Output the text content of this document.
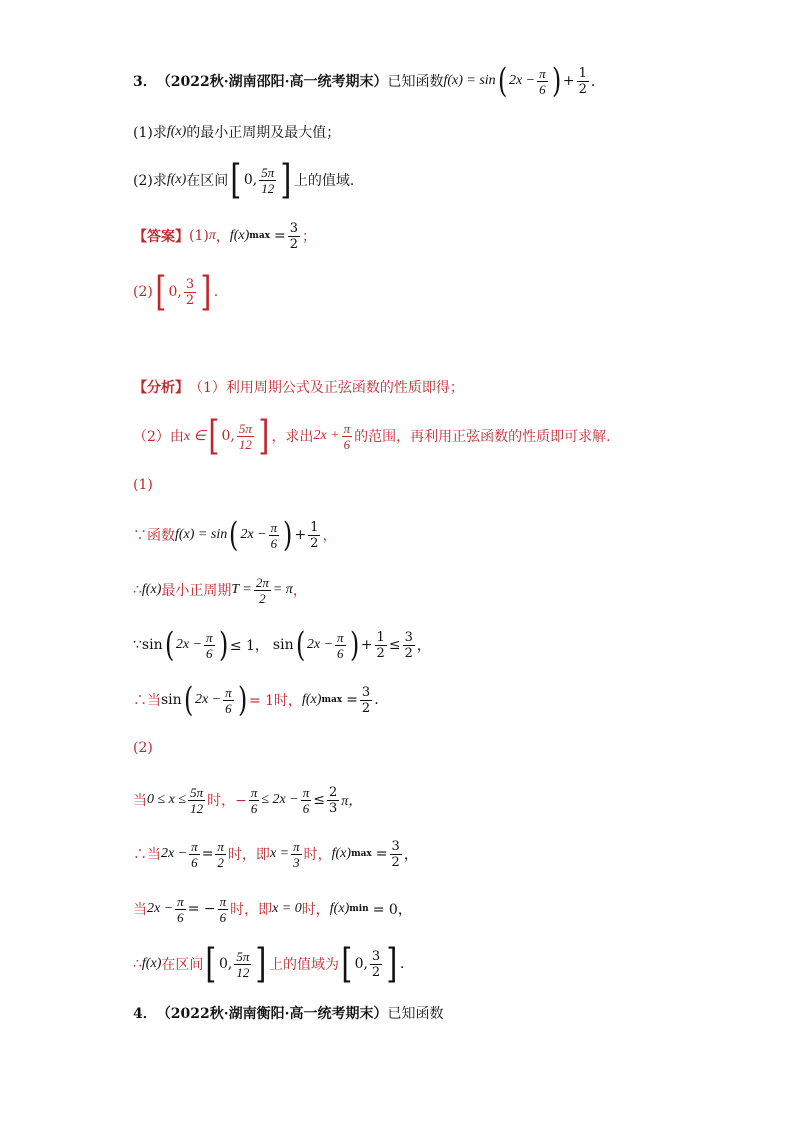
3． （2022秋·湖南邵阳·高一统考期末） 已知函数 f(x) = sin ( $2x - \frac{\pi}{6}$ ) + $\frac{1}{2}$ ．
(1)求 f(x) 的最小正周期及最大值；
(2)求 f(x) 在区间 [ 0, $\frac{5\pi}{12}$ ] 上的值域．
【答案】 (1) π ， f(x) $\max = \frac{3}{2}$ ；
(2) [ 0, $\frac{3}{2}$ ] .
【分析】 （1）利用周期公式及正弦函数的性质即得；
（2）由 x ∈ [ 0, $\frac{5\pi}{12}$ ] ，求出 $2x + \frac{\pi}{6}$ 的范围，再利用正弦函数的性质即可求解.
(1)
∵函数 f(x) = sin ( $2x - \frac{\pi}{6}$ ) + $\frac{1}{2}$ ，
∴ f(x) 最小正周期 $T = \frac{2\pi}{2} = \pi$ ，
∵sin ( $2x - \frac{\pi}{6}$ ) ≤ 1， sin ( $2x - \frac{\pi}{6}$ ) + $\frac{1}{2} \le \frac{3}{2}$ ，
∴当 sin ( $2x - \frac{\pi}{6}$ ) = 1时， f(x) $\max = \frac{3}{2}$ .
(2)
当 $0 \le x \le \frac{5\pi}{12}$ 时，− $\frac{\pi}{6} \le 2x - \frac{\pi}{6} \le \frac{2}{3}$ π，
∴当 $2x - \frac{\pi}{6} = \frac{\pi}{2}$ 时，即 $x = \frac{\pi}{3}$ 时， f(x) $\max = \frac{3}{2}$ ，
当 $2x - \frac{\pi}{6}$ = − $\frac{\pi}{6}$ 时，即 x = 0 时， f(x) min = 0，
∴ f(x) 在区间 [ 0, $\frac{5\pi}{12}$ ] 上的值域为 [ 0, $\frac{3}{2}$ ] .
4． （2022秋·湖南衡阳·高一统考期末） 已知函数
